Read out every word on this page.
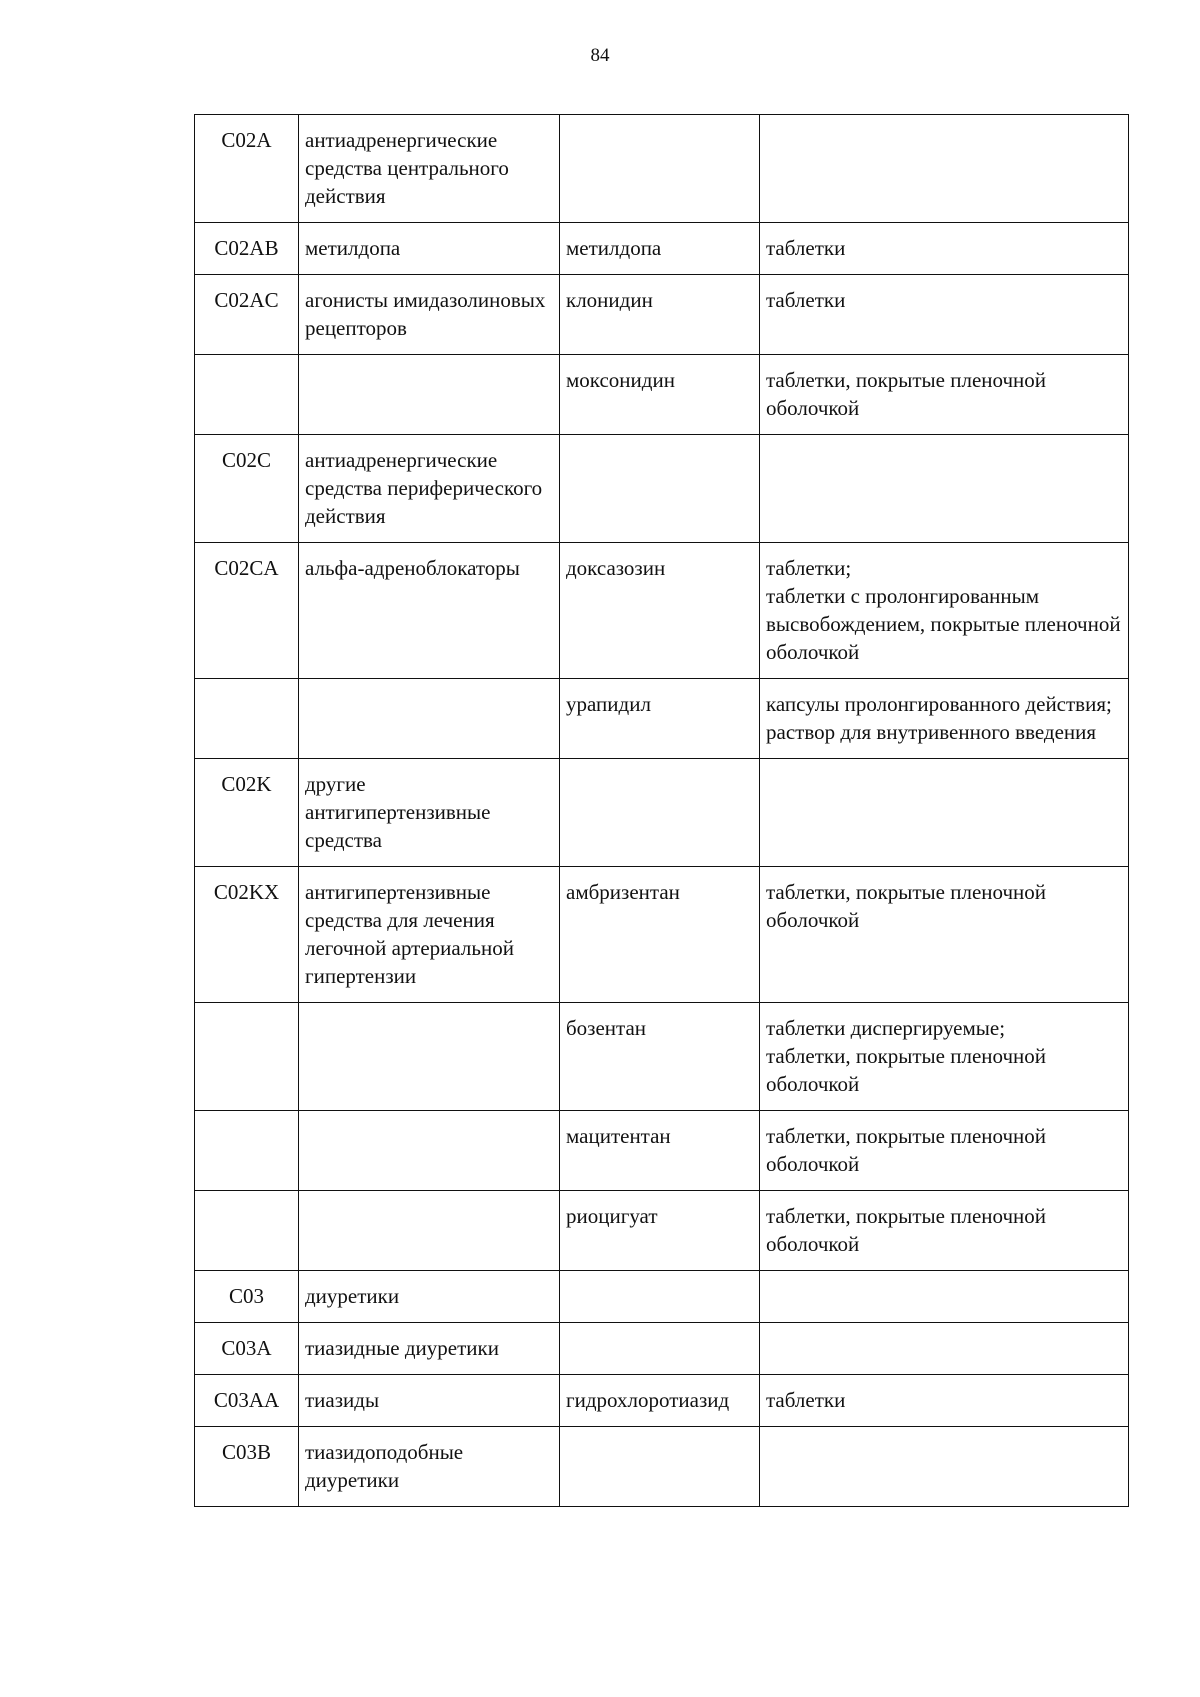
84
C02A	антиадренергические средства центрального действия		
C02AB	метилдопа	метилдопа	таблетки

C02AC	агонисты имидазолиновых рецепторов	клонидин	таблетки

		моксонидин	таблетки, покрытые пленочной оболочкой

C02C	антиадренергические средства периферического действия		
C02CA	альфа-адреноблокаторы	доксазозин	таблетки;
таблетки с пролонгированным высвобождением, покрытые пленочной оболочкой

		урапидил	капсулы пролонгированного действия;
раствор для внутривенного введения

C02K	другие антигипертензивные средства		
C02KX	антигипертензивные средства для лечения легочной артериальной гипертензии	амбризентан	таблетки, покрытые пленочной оболочкой

		бозентан	таблетки диспергируемые;
таблетки, покрытые пленочной оболочкой

		мацитентан	таблетки, покрытые пленочной оболочкой

		риоцигуат	таблетки, покрытые пленочной оболочкой

C03	диуретики		
C03A	тиазидные диуретики		
C03AA	тиазиды	гидрохлоротиазид	таблетки

C03B	тиазидоподобные диуретики		
